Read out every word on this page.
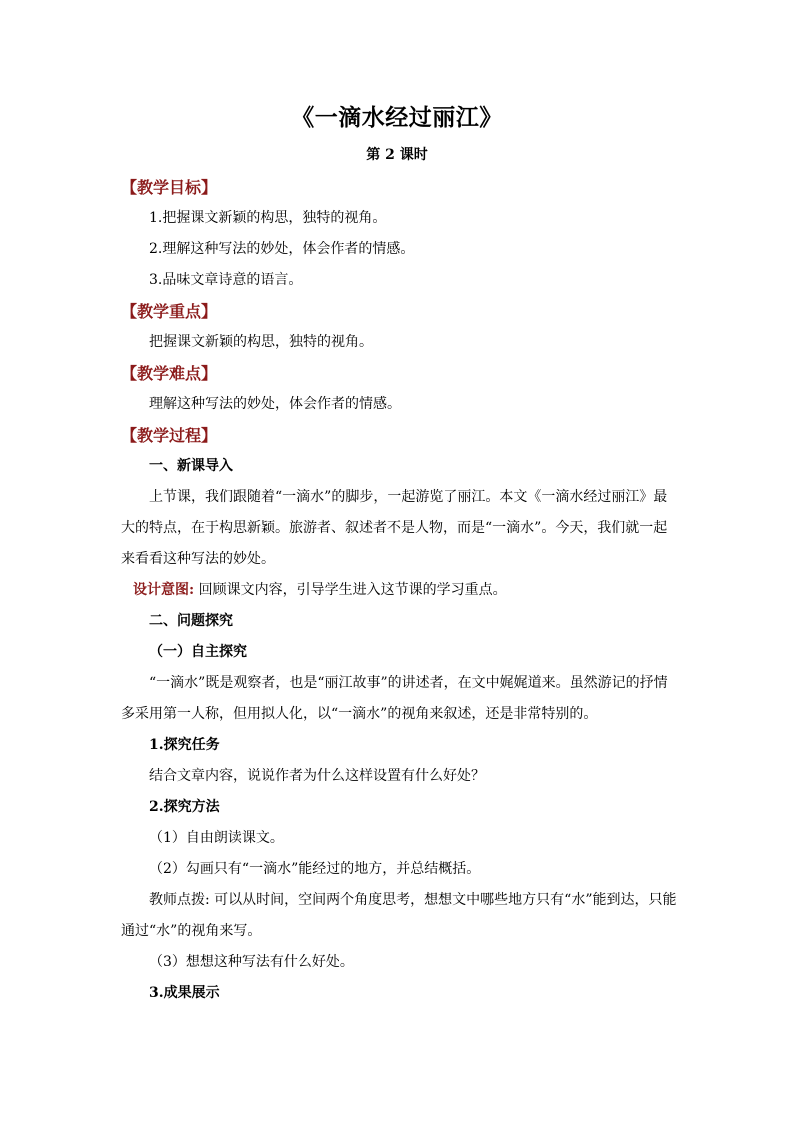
《一滴水经过丽江》
第 2 课时

【教学目标】

1.把握课文新颖的构思，独特的视角。

2.理解这种写法的妙处，体会作者的情感。

3.品味文章诗意的语言。

【教学重点】

把握课文新颖的构思，独特的视角。

【教学难点】

理解这种写法的妙处，体会作者的情感。

【教学过程】

一、新课导入

上节课，我们跟随着“一滴水”的脚步，一起游览了丽江。本文《一滴水经过丽江》最大的特点，在于构思新颖。旅游者、叙述者不是人物，而是“一滴水”。今天，我们就一起来看看这种写法的妙处。

设计意图: 回顾课文内容，引导学生进入这节课的学习重点。

二、问题探究

（一）自主探究

“一滴水”既是观察者，也是“丽江故事”的讲述者，在文中娓娓道来。虽然游记的抒情多采用第一人称，但用拟人化，以“一滴水”的视角来叙述，还是非常特别的。

1.探究任务

结合文章内容，说说作者为什么这样设置有什么好处？

2.探究方法

（1）自由朗读课文。

（2）勾画只有“一滴水”能经过的地方，并总结概括。

教师点拨: 可以从时间，空间两个角度思考，想想文中哪些地方只有“水”能到达，只能通过“水”的视角来写。

（3）想想这种写法有什么好处。

3.成果展示
